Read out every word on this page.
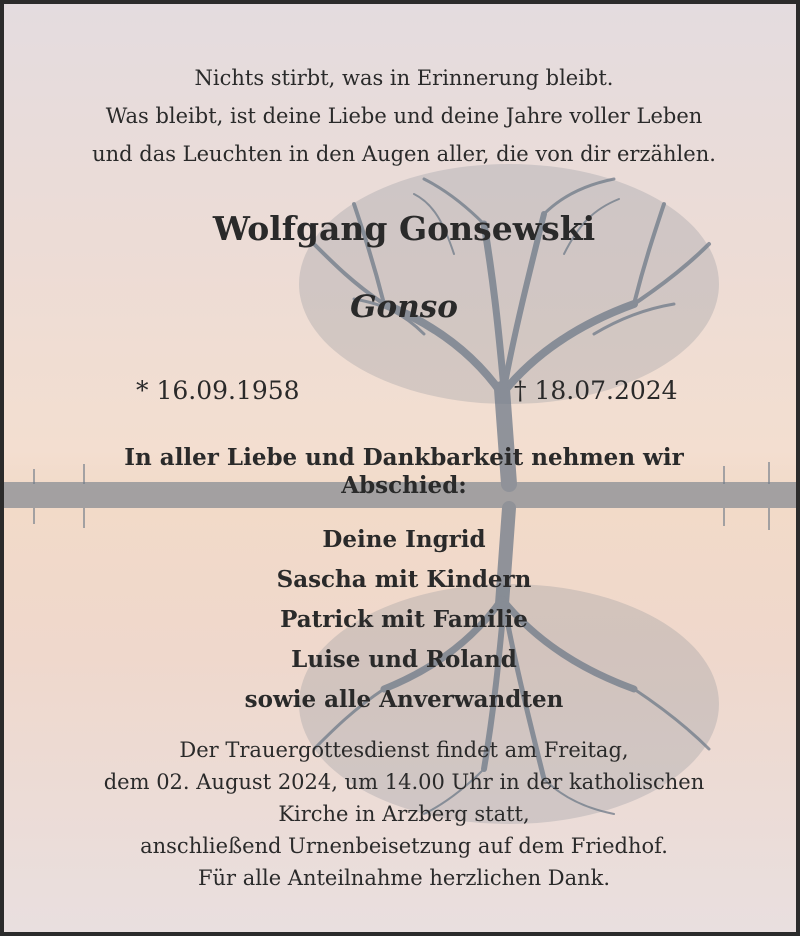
Nichts stirbt, was in Erinnerung bleibt.
Was bleibt, ist deine Liebe und deine Jahre voller Leben
und das Leuchten in den Augen aller, die von dir erzählen.
Wolfgang Gonsewski
Gonso
* 16.09.1958	† 18.07.2024
In aller Liebe und Dankbarkeit nehmen wir Abschied:
Deine Ingrid
Sascha mit Kindern
Patrick mit Familie
Luise und Roland
sowie alle Anverwandten
Der Trauergottesdienst findet am Freitag,
dem 02. August 2024, um 14.00 Uhr in der katholischen
Kirche in Arzberg statt,
anschließend Urnenbeisetzung auf dem Friedhof.
Für alle Anteilnahme herzlichen Dank.
